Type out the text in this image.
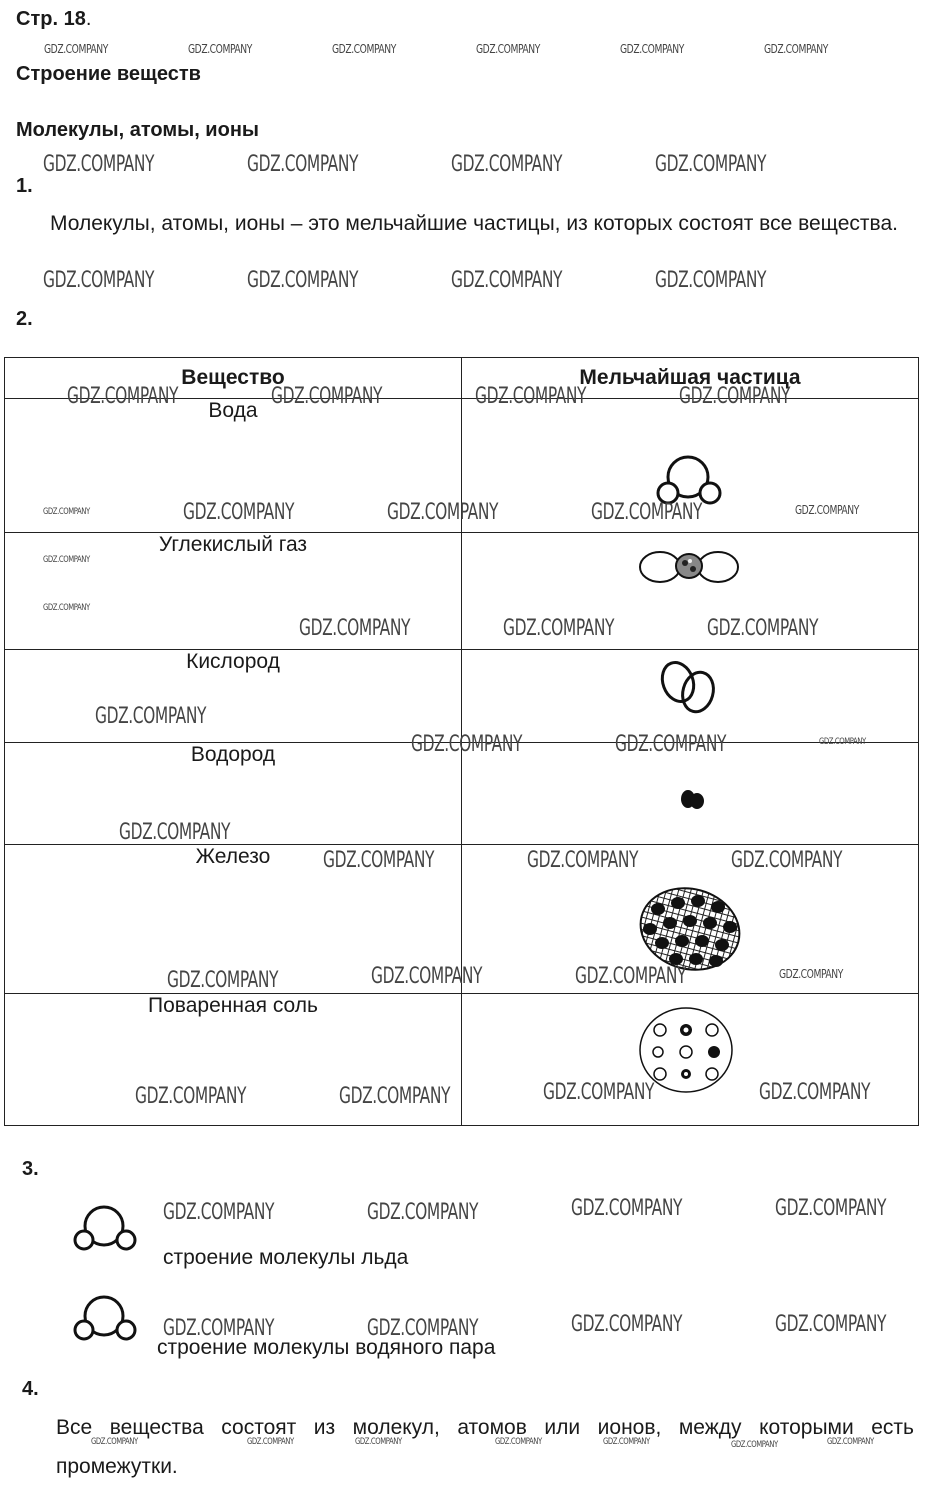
Стр. 18.
Строение веществ
Молекулы, атомы, ионы
1.
Молекулы, атомы, ионы – это мельчайшие частицы, из которых состоят все вещества.
2.
Вещество	Мельчайшая частица
Вода	

Углекислый газ	

Кислород	

Водород	

Железо	

Поваренная соль	
3.
строение молекулы льда
строение молекулы водяного пара
4.
Все вещества состоят из молекул, атомов или ионов, между которыми есть промежутки.
GDZ.COMPANY	GDZ.COMPANY	GDZ.COMPANY	GDZ.COMPANY	GDZ.COMPANY	GDZ.COMPANY
GDZ.COMPANY	GDZ.COMPANY	GDZ.COMPANY	GDZ.COMPANY
GDZ.COMPANY	GDZ.COMPANY	GDZ.COMPANY	GDZ.COMPANY
GDZ.COMPANY	GDZ.COMPANY	GDZ.COMPANY	GDZ.COMPANY
GDZ.COMPANY	GDZ.COMPANY	GDZ.COMPANY	GDZ.COMPANY	GDZ.COMPANY
GDZ.COMPANY
GDZ.COMPANY
GDZ.COMPANY	GDZ.COMPANY	GDZ.COMPANY
GDZ.COMPANY
GDZ.COMPANY	GDZ.COMPANY	GDZ.COMPANY
GDZ.COMPANY
GDZ.COMPANY	GDZ.COMPANY	GDZ.COMPANY
GDZ.COMPANY	GDZ.COMPANY	GDZ.COMPANY	GDZ.COMPANY
GDZ.COMPANY	GDZ.COMPANY	GDZ.COMPANY	GDZ.COMPANY
GDZ.COMPANY	GDZ.COMPANY	GDZ.COMPANY	GDZ.COMPANY
GDZ.COMPANY	GDZ.COMPANY	GDZ.COMPANY	GDZ.COMPANY
GDZ.COMPANY	GDZ.COMPANY	GDZ.COMPANY	GDZ.COMPANY	GDZ.COMPANY	GDZ.COMPANY	GDZ.COMPANY
